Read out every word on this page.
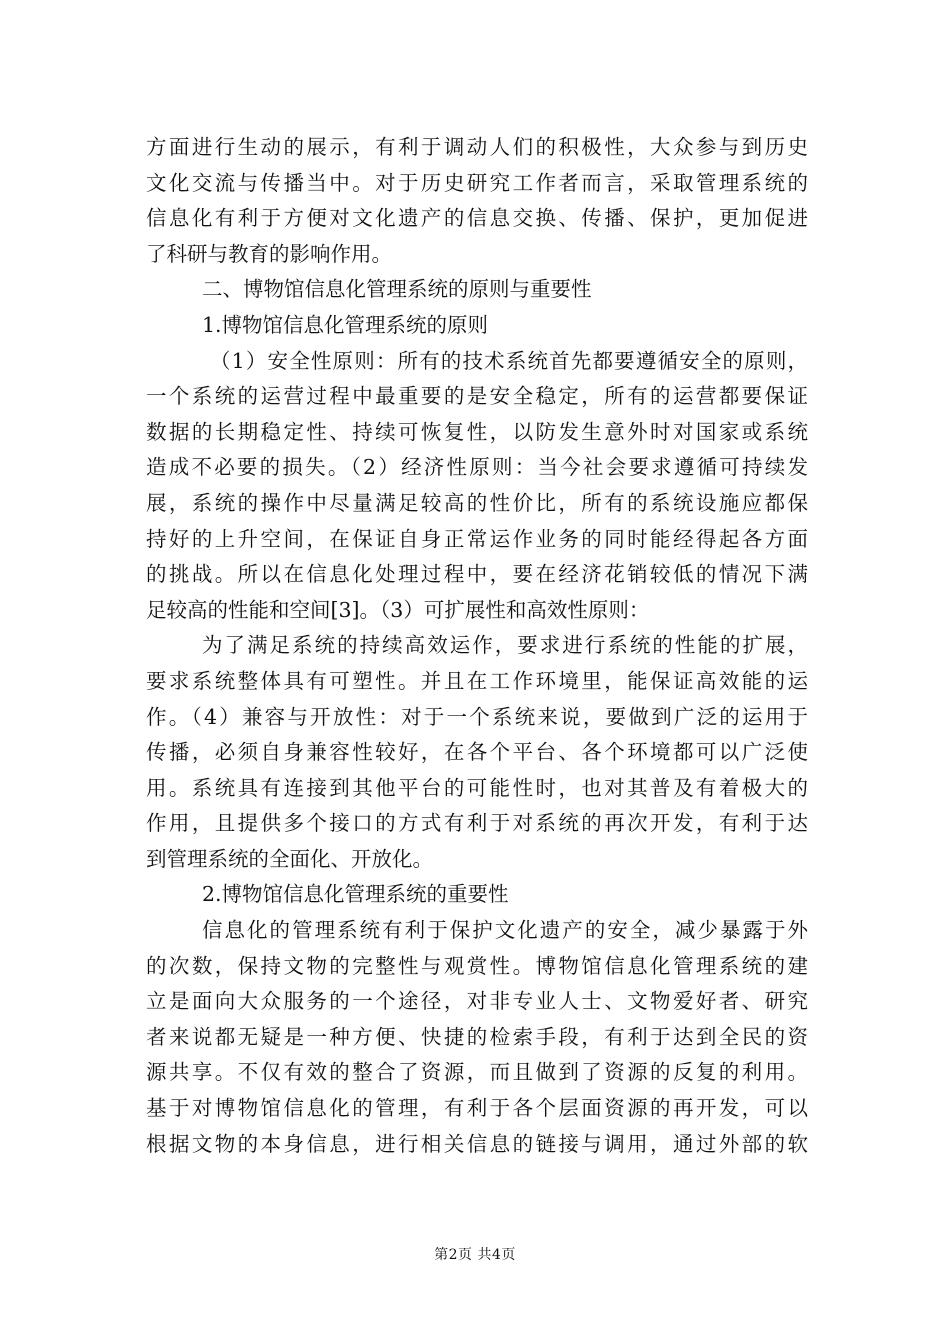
方面进行生动的展示，有利于调动人们的积极性，大众参与到历史
文化交流与传播当中。对于历史研究工作者而言，采取管理系统的
信息化有利于方便对文化遗产的信息交换、传播、保护，更加促进
了科研与教育的影响作用。
二、博物馆信息化管理系统的原则与重要性
1.博物馆信息化管理系统的原则
（1）安全性原则：所有的技术系统首先都要遵循安全的原则，
一个系统的运营过程中最重要的是安全稳定，所有的运营都要保证
数据的长期稳定性、持续可恢复性，以防发生意外时对国家或系统
造成不必要的损失。（2）经济性原则：当今社会要求遵循可持续发
展，系统的操作中尽量满足较高的性价比，所有的系统设施应都保
持好的上升空间，在保证自身正常运作业务的同时能经得起各方面
的挑战。所以在信息化处理过程中，要在经济花销较低的情况下满
足较高的性能和空间[3]。（3）可扩展性和高效性原则：
为了满足系统的持续高效运作，要求进行系统的性能的扩展，
要求系统整体具有可塑性。并且在工作环境里，能保证高效能的运
作。（4）兼容与开放性：对于一个系统来说，要做到广泛的运用于
传播，必须自身兼容性较好，在各个平台、各个环境都可以广泛使
用。系统具有连接到其他平台的可能性时，也对其普及有着极大的
作用，且提供多个接口的方式有利于对系统的再次开发，有利于达
到管理系统的全面化、开放化。
2.博物馆信息化管理系统的重要性
信息化的管理系统有利于保护文化遗产的安全，减少暴露于外
的次数，保持文物的完整性与观赏性。博物馆信息化管理系统的建
立是面向大众服务的一个途径，对非专业人士、文物爱好者、研究
者来说都无疑是一种方便、快捷的检索手段，有利于达到全民的资
源共享。不仅有效的整合了资源，而且做到了资源的反复的利用。
基于对博物馆信息化的管理，有利于各个层面资源的再开发，可以
根据文物的本身信息，进行相关信息的链接与调用，通过外部的软
第2页 共4页
